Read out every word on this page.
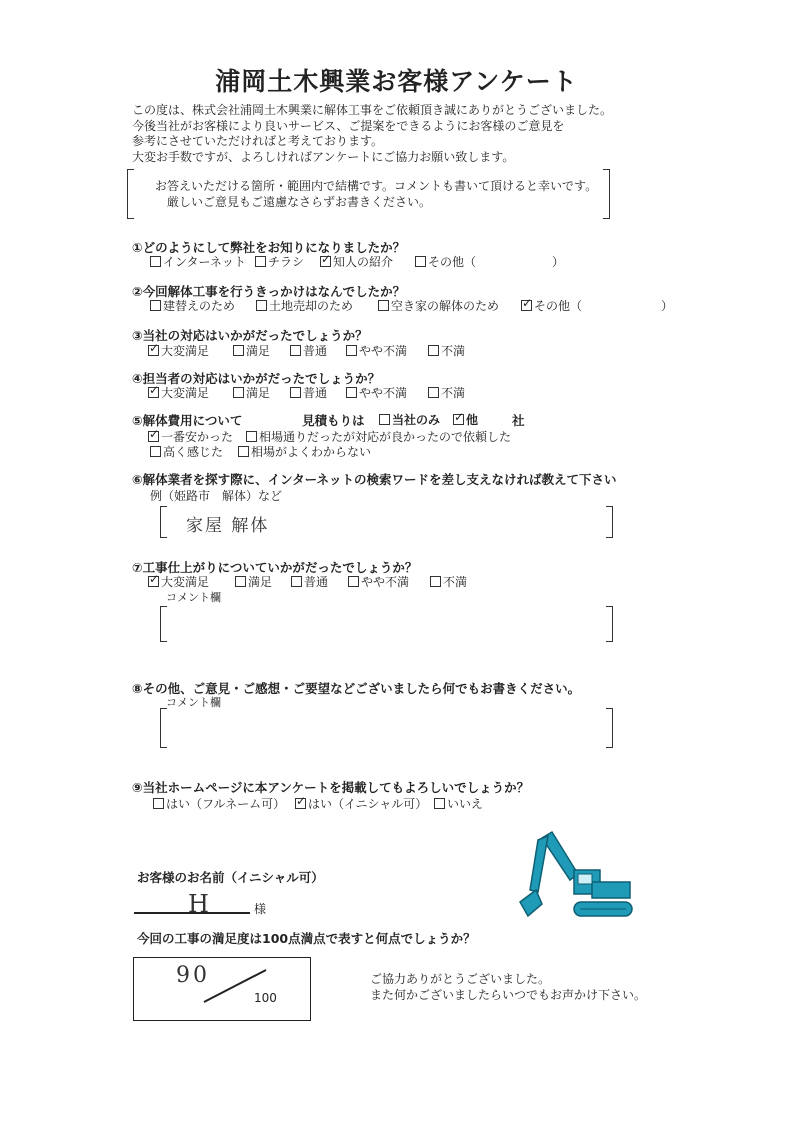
浦岡土木興業お客様アンケート
この度は、株式会社浦岡土木興業に解体工事をご依頼頂き誠にありがとうございました。
今後当社がお客様により良いサービス、ご提案をできるようにお客様のご意見を
参考にさせていただければと考えております。
大変お手数ですが、よろしければアンケートにご協力お願い致します。
お答えいただける箇所・範囲内で結構です。コメントも書いて頂けると幸いです。
厳しいご意見もご遠慮なさらずお書きください。
①どのようにして弊社をお知りになりましたか？
インターネット	チラシ ✓	知人の紹介	その他（	）
②今回解体工事を行うきっかけはなんでしたか？
建替えのため	土地売却のため	空き家の解体のため ✓	その他（	）
③当社の対応はいかがだったでしょうか？
✓大変満足	満足	普通	やや不満	不満
④担当者の対応はいかがだったでしょうか？
✓大変満足	満足	普通	やや不満	不満
⑤解体費用について	見積もりは	当社のみ ✓	他	社
✓一番安かった	相場通りだったが対応が良かったので依頼した
高く感じた	相場がよくわからない
⑥解体業者を探す際に、インターネットの検索ワードを差し支えなければ教えて下さい
例（姫路市　解体）など
家屋 解体
⑦工事仕上がりについていかがだったでしょうか？
✓大変満足	満足	普通	やや不満	不満
コメント欄
⑧その他、ご意見・ご感想・ご要望などございましたら何でもお書きください。
コメント欄
⑨当社ホームページに本アンケートを掲載してもよろしいでしょうか？
はい（フルネーム可） ✓	はい（イニシャル可）	いいえ
お客様のお名前（イニシャル可）
H	様
今回の工事の満足度は100点満点で表すと何点でしょうか？
90
100
ご協力ありがとうございました。
また何かございましたらいつでもお声かけ下さい。
